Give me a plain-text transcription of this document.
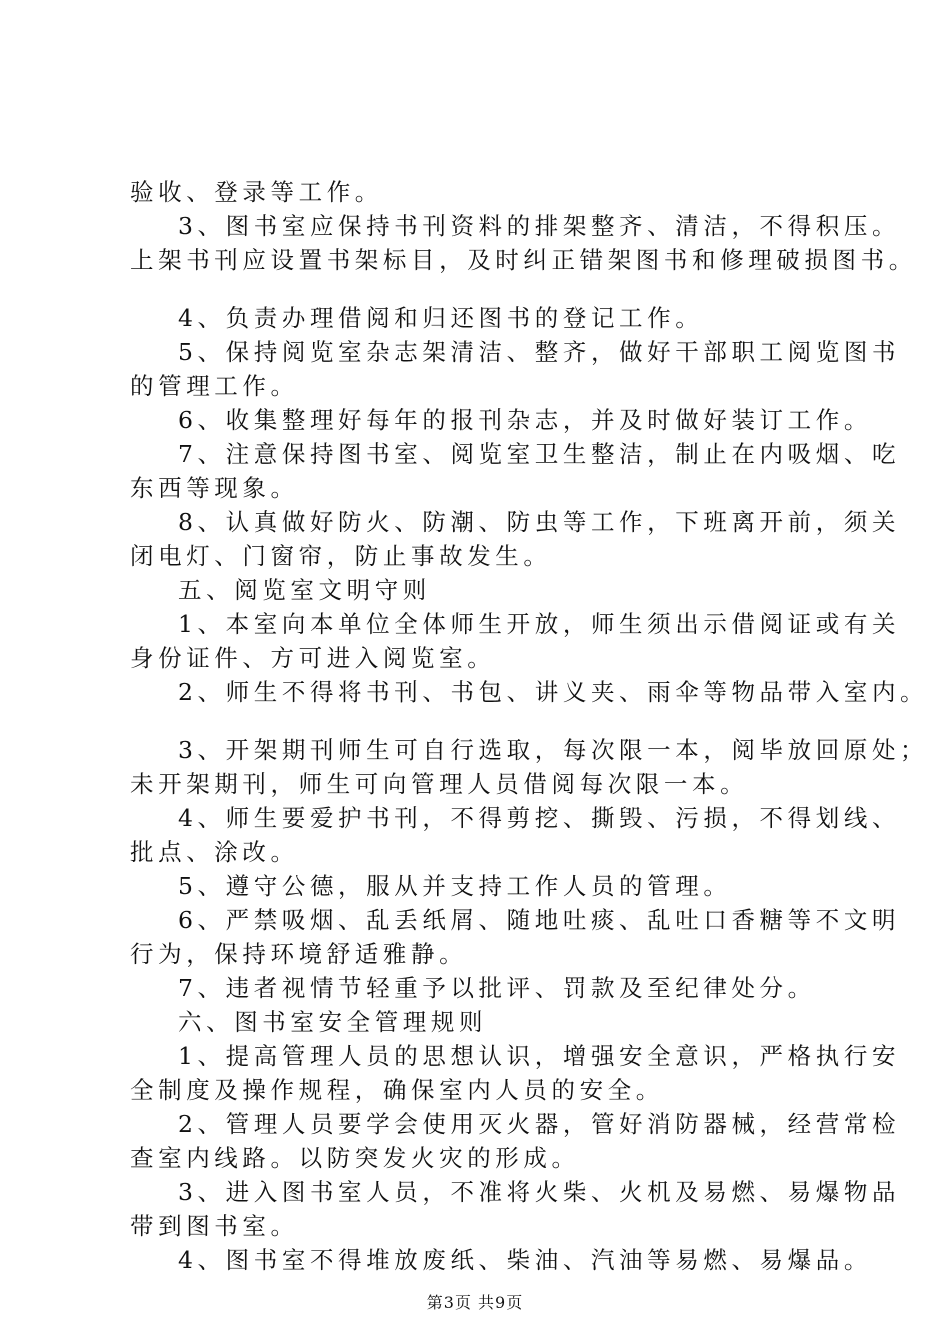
验收、登录等工作。
3、图书室应保持书刊资料的排架整齐、清洁，不得积压。
上架书刊应设置书架标目，及时纠正错架图书和修理破损图书。
4、负责办理借阅和归还图书的登记工作。
5、保持阅览室杂志架清洁、整齐，做好干部职工阅览图书
的管理工作。
6、收集整理好每年的报刊杂志，并及时做好装订工作。
7、注意保持图书室、阅览室卫生整洁，制止在内吸烟、吃
东西等现象。
8、认真做好防火、防潮、防虫等工作，下班离开前，须关
闭电灯、门窗帘，防止事故发生。
五、阅览室文明守则
1、本室向本单位全体师生开放，师生须出示借阅证或有关
身份证件、方可进入阅览室。
2、师生不得将书刊、书包、讲义夹、雨伞等物品带入室内。
3、开架期刊师生可自行选取，每次限一本，阅毕放回原处；
未开架期刊，师生可向管理人员借阅每次限一本。
4、师生要爱护书刊，不得剪挖、撕毁、污损，不得划线、
批点、涂改。
5、遵守公德，服从并支持工作人员的管理。
6、严禁吸烟、乱丢纸屑、随地吐痰、乱吐口香糖等不文明
行为，保持环境舒适雅静。
7、违者视情节轻重予以批评、罚款及至纪律处分。
六、图书室安全管理规则
1、提高管理人员的思想认识，增强安全意识，严格执行安
全制度及操作规程，确保室内人员的安全。
2、管理人员要学会使用灭火器，管好消防器械，经营常检
查室内线路。以防突发火灾的形成。
3、进入图书室人员，不准将火柴、火机及易燃、易爆物品
带到图书室。
4、图书室不得堆放废纸、柴油、汽油等易燃、易爆品。
第3页 共9页
